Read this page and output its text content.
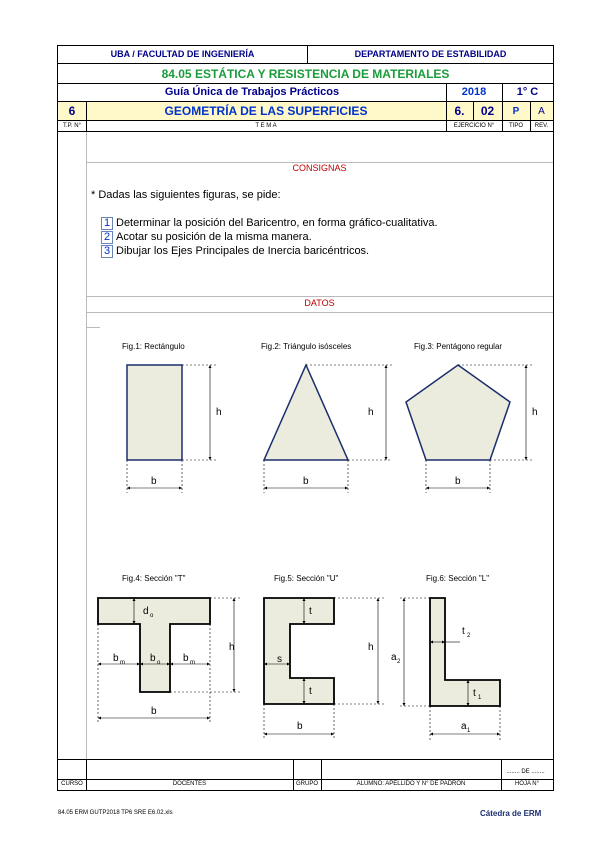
UBA / FACULTAD DE INGENIERÍA	DEPARTAMENTO DE ESTABILIDAD
84.05 ESTÁTICA Y RESISTENCIA DE MATERIALES
Guía Única de Trabajos Prácticos	2018	1° C
6	GEOMETRÍA DE LAS SUPERFICIES	6.	02	P	A
T.P. N°	T E M A	EJERCICIO N°	TIPO	REV.
CONSIGNAS
* Dadas las siguientes figuras, se pide:
1 Determinar la posición del Baricentro, en forma gráfico-cualitativa.
2 Acotar su posición de la misma manera.
3 Dibujar los Ejes Principales de Inercia baricéntricos.
DATOS
Fig.1: Rectángulo	Fig.2: Triángulo isósceles	Fig.3: Pentágono regular
Fig.4: Sección "T"	Fig.5: Sección "U"	Fig.6: Sección "L"
........ DE ........
CURSO	DOCENTES	GRUPO	ALUMNO: APELLIDO Y N° DE PADRÓN	HOJA N°
h
b
h
b
h
b
d o
b m	b o b m
h
b
t
s
t
h
b
t 2
a 2
t 1
a 1
84.05 ERM GUTP2018 TP6 SRE E6.02.xls	Cátedra de ERM
